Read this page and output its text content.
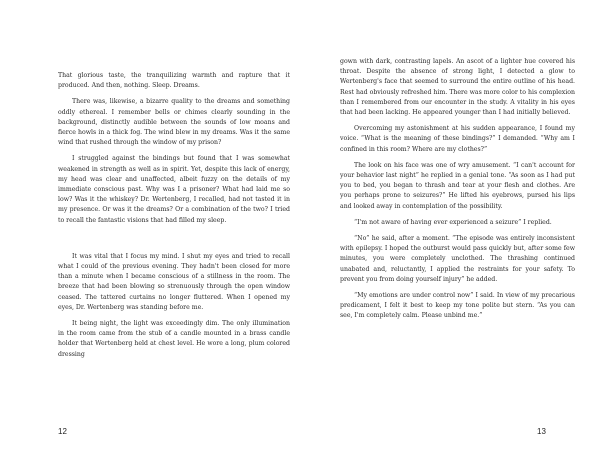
That glorious taste, the tranquilizing warmth and rapture that it produced. And then, nothing. Sleep. Dreams.

There was, likewise, a bizarre quality to the dreams and something oddly ethereal. I remember bells or chimes clearly sounding in the background, distinctly audible between the sounds of low moans and fierce howls in a thick fog. The wind blew in my dreams. Was it the same wind that rushed through the window of my prison?

I struggled against the bindings but found that I was somewhat weakened in strength as well as in spirit. Yet, despite this lack of energy, my head was clear and unaffected, albeit fuzzy on the details of my immediate conscious past. Why was I a prisoner? What had laid me so low? Was it the whiskey? Dr. Wertenberg, I recalled, had not tasted it in my presence. Or was it the dreams? Or a combination of the two? I tried to recall the fantastic visions that had filled my sleep.

It was vital that I focus my mind. I shut my eyes and tried to recall what I could of the previous evening. They hadn't been closed for more than a minute when I became conscious of a stillness in the room. The breeze that had been blowing so strenuously through the open window ceased. The tattered curtains no longer fluttered. When I opened my eyes, Dr. Wertenberg was standing before me.

It being night, the light was exceedingly dim. The only illumination in the room came from the stub of a candle mounted in a brass candle holder that Wertenberg held at chest level. He wore a long, plum colored dressing

12

gown with dark, contrasting lapels. An ascot of a lighter hue covered his throat. Despite the absence of strong light, I detected a glow to Wertenberg's face that seemed to surround the entire outline of his head. Rest had obviously refreshed him. There was more color to his complexion than I remembered from our encounter in the study. A vitality in his eyes that had been lacking. He appeared younger than I had initially believed.

Overcoming my astonishment at his sudden appearance, I found my voice. “What is the meaning of these bindings?” I demanded. “Why am I confined in this room? Where are my clothes?”

The look on his face was one of wry amusement. “I can't account for your behavior last night” he replied in a genial tone. “As soon as I had put you to bed, you began to thrash and tear at your flesh and clothes. Are you perhaps prone to seizures?” He lifted his eyebrows, pursed his lips and looked away in contemplation of the possibility.

“I'm not aware of having ever experienced a seizure” I replied.

“No” he said, after a moment. “The episode was entirely inconsistent with epilepsy. I hoped the outburst would pass quickly but, after some few minutes, you were completely unclothed. The thrashing continued unabated and, reluctantly, I applied the restraints for your safety. To prevent you from doing yourself injury” he added.

“My emotions are under control now” I said. In view of my precarious predicament, I felt it best to keep my tone polite but stern. “As you can see, I'm completely calm. Please unbind me.”

13
